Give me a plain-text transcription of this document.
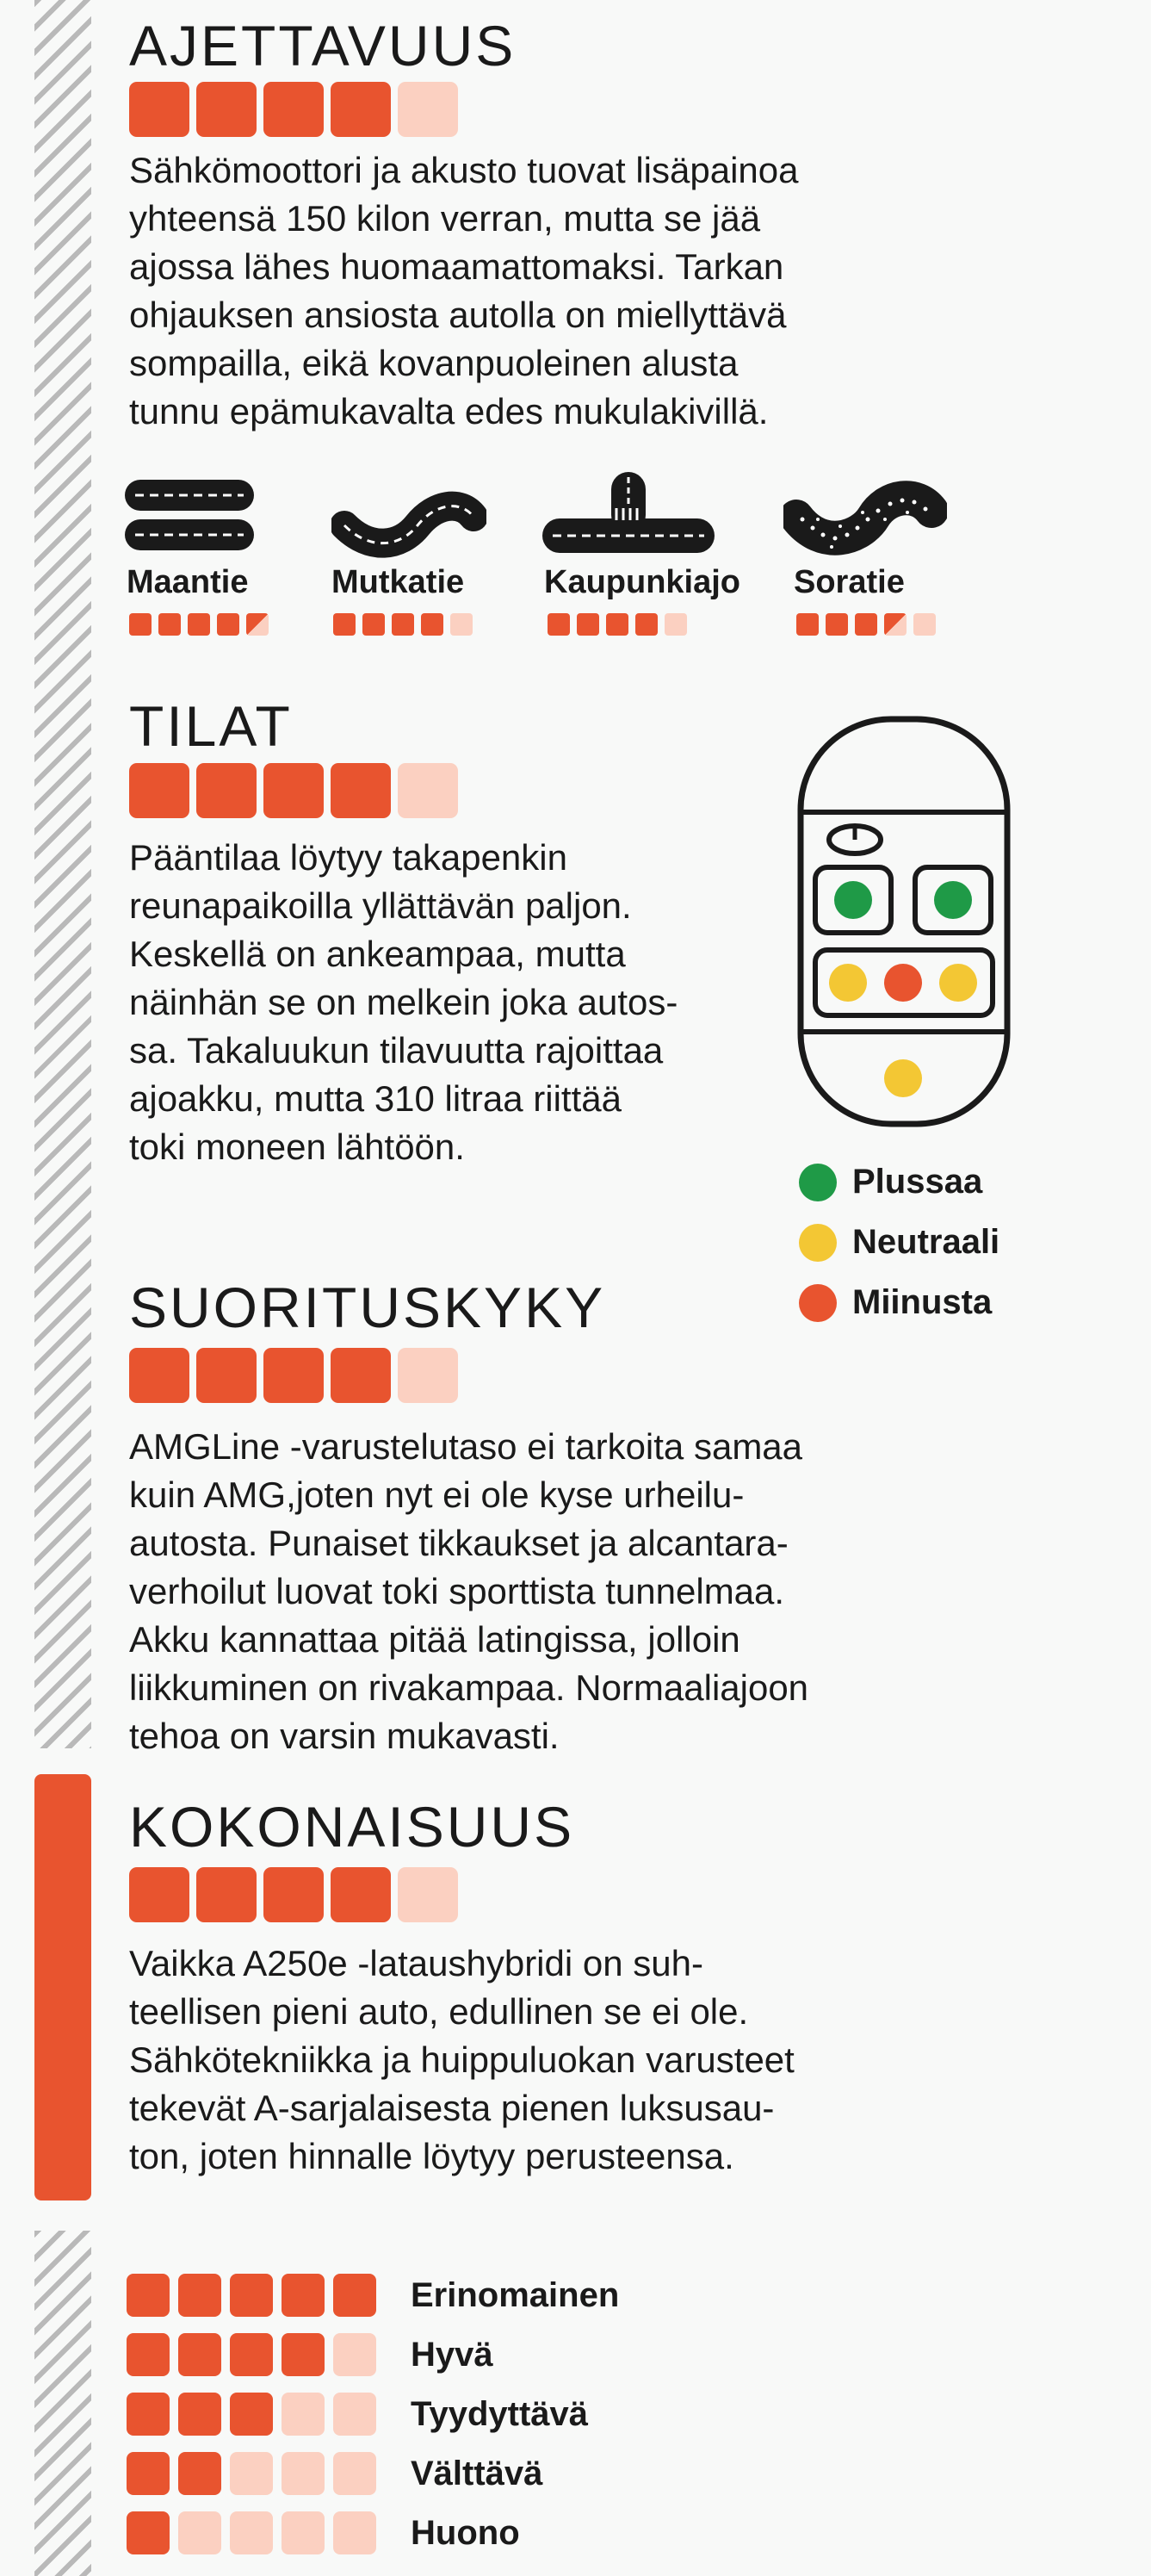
AJETTAVUUS
Sähkömoottori ja akusto tuovat lisäpainoa
yhteensä 150 kilon verran, mutta se jää
ajossa lähes huomaamattomaksi. Tarkan
ohjauksen ansiosta autolla on miellyttävä
sompailla, eikä kovanpuoleinen alusta
tunnu epämukavalta edes mukulakivillä.
Maantie	Mutkatie Kaupunkiajo Soratie
TILAT
Pääntilaa löytyy takapenkin
reunapaikoilla yllättävän paljon.
Keskellä on ankeampaa, mutta
näinhän se on melkein joka autos-
sa. Takaluukun tilavuutta rajoittaa
ajoakku, mutta 310 litraa riittää
toki moneen lähtöön.
Plussaa
Neutraali
Miinusta
SUORITUSKYKY
AMGLine -varustelutaso ei tarkoita samaa
kuin AMG,joten nyt ei ole kyse urheilu-
autosta. Punaiset tikkaukset ja alcantara-
verhoilut luovat toki sporttista tunnelmaa.
Akku kannattaa pitää latingissa, jolloin
liikkuminen on rivakampaa. Normaaliajoon
tehoa on varsin mukavasti.
KOKONAISUUS
Vaikka A250e -lataushybridi on suh-
teellisen pieni auto, edullinen se ei ole.
Sähkötekniikka ja huippuluokan varusteet
tekevät A-sarjalaisesta pienen luksusau-
ton, joten hinnalle löytyy perusteensa.
Erinomainen
Hyvä
Tyydyttävä
Välttävä
Huono
